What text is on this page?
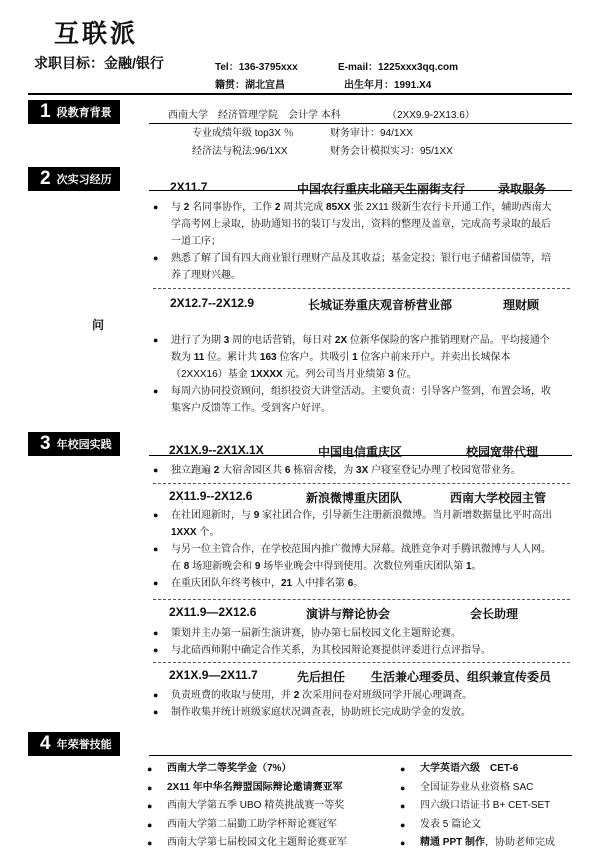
互联派
求职目标：金融/银行	Tel：136-3795xxx	E-mail：1225xxx3qq.com
籍贯：湖北宜昌	出生年月：1991.X4
1 段教育背景	西南大学　经济管理学院　会计学 本科	（2XX9.9-2X13.6）
专业成绩年级 top3X ％	财务审计：94/1XX
经济法与税法:96/1XX	财务会计模拟实习：95/1XX
2 次实习经历	2X11.7	中国农行重庆北碚天生丽街支行	录取服务
● 与 2 名同事协作，工作 2 周共完成 85XX 张 2X11 级新生农行卡开通工作，辅助西南大学高考网上录取，协助通知书的装订与发出，资料的整理及盖章，完成高考录取的最后一道工序；
● 熟悉了解了国有四大商业银行理财产品及其收益；基金定投；银行电子储蓄国债等，培养了理财兴趣。
2X12.7--2X12.9	长城证券重庆观音桥营业部	理财顾
问
● 进行了为期 3 周的电话营销，每日对 2X 位新华保险的客户推销理财产品。平均接通个数为 11 位。累计共 163 位客户。共吸引 1 位客户前来开户。并卖出长城保本（2XXX16）基金 1XXXX 元。列公司当月业绩第 3 位。
● 每周六协同投资顾问，组织投资大讲堂活动。主要负责：引导客户签到，布置会场，收集客户反馈等工作。受到客户好评。
3 年校园实践	2X1X.9--2X1X.1X	中国电信重庆区	校园宽带代理
● 独立跑遍 2 大宿舍园区共 6 栋宿舍楼，为 3X 户寝室登记办理了校园宽带业务。
2X11.9--2X12.6	新浪微博重庆团队	西南大学校园主管
● 在社团迎新时，与 9 家社团合作，引导新生注册新浪微博。当月新增数据量比平时高出 1XXX 个。
● 与另一位主管合作，在学校范围内推广微博大屏幕。战胜竞争对手腾讯微博与人人网。在 8 场迎新晚会和 9 场毕业晚会中得到使用。次数位列重庆团队第 1。
● 在重庆团队年终考核中，21 人中排名第 6。
2X11.9—2X12.6	演讲与辩论协会	会长助理
● 策划并主办第一届新生演讲赛，协办第七届校园文化主题辩论赛。
● 与北碚西师附中确定合作关系，为其校园辩论赛提供评委进行点评指导。
2X1X.9—2X11.7	先后担任 生活兼心理委员、组织兼宣传委员
● 负责班费的收取与使用，并 2 次采用问卷对班级同学开展心理调查。
● 制作收集并统计班级家庭状况调查表，协助班长完成助学金的发放。
4 年荣誉技能
● 西南大学二等奖学金（7%）
● 2X11 年中华名辩盟国际辩论邀请赛亚军
● 西南大学第五季 UBO 精英挑战赛一等奖
● 西南大学第二届勤工助学杯辩论赛冠军
● 西南大学第七届校园文化主题辩论赛亚军
● 大学英语六级　CET-6
● 全国证券业从业资格 SAC
● 四六级口语证书 B+ CET-SET
● 发表 5 篇论文
● 精通 PPT 制作，协助老师完成
